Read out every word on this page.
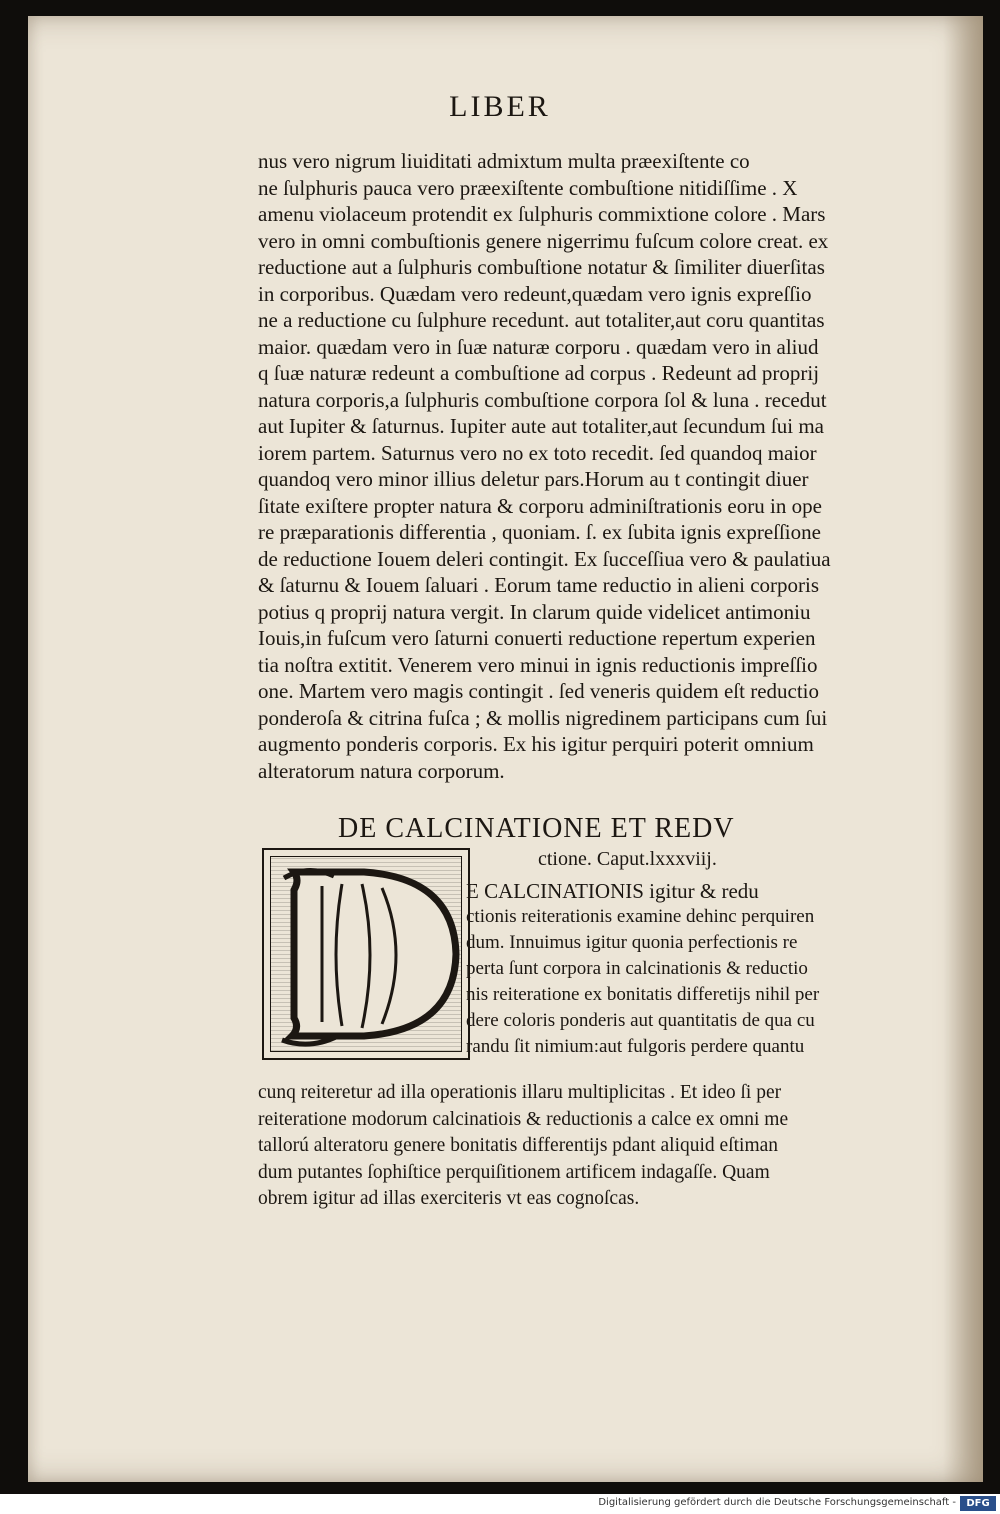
LIBER
nus vero nigrum liuiditati admixtum multa præexiſtente co
ne ſulphuris pauca vero præexiſtente combuſtione nitidiſſime . X
amenu violaceum protendit ex ſulphuris commixtione colore . Mars
vero in omni combuſtionis genere nigerrimu fuſcum colore creat. ex
reductione aut a ſulphuris combuſtione notatur & ſimiliter diuerſitas
in corporibus. Quædam vero redeunt,quædam vero ignis expreſſio
ne a reductione cu ſulphure recedunt. aut totaliter,aut coru quantitas
maior. quædam vero in ſuæ naturæ corporu . quædam vero in aliud
q ſuæ naturæ redeunt a combuſtione ad corpus . Redeunt ad proprij
natura corporis,a ſulphuris combuſtione corpora ſol & luna . recedut
aut Iupiter & ſaturnus. Iupiter aute aut totaliter,aut ſecundum ſui ma
iorem partem. Saturnus vero no ex toto recedit. ſed quandoq maior
quandoq vero minor illius deletur pars.Horum au t contingit diuer
ſitate exiſtere propter natura & corporu adminiſtrationis eoru in ope
re præparationis differentia , quoniam. ſ. ex ſubita ignis expreſſione
de reductione Iouem deleri contingit. Ex ſucceſſiua vero & paulatiua
& ſaturnu & Iouem ſaluari . Eorum tame reductio in alieni corporis
potius q proprij natura vergit. In clarum quide videlicet antimoniu
Iouis,in fuſcum vero ſaturni conuerti reductione repertum experien
tia noſtra extitit. Venerem vero minui in ignis reductionis impreſſio
one. Martem vero magis contingit . ſed veneris quidem eſt reductio
ponderoſa & citrina fuſca ; & mollis nigredinem participans cum ſui
augmento ponderis corporis. Ex his igitur perquiri poterit omnium
alteratorum natura corporum.
DE CALCINATIONE ET REDV
ctione. Caput.lxxxviij.
E CALCINATIONIS igitur & redu
ctionis reiterationis examine dehinc perquiren
dum. Innuimus igitur quonia perfectionis re
perta ſunt corpora in calcinationis & reductio
nis reiteratione ex bonitatis differetijs nihil per
dere coloris ponderis aut quantitatis de qua cu
randu ſit nimium:aut fulgoris perdere quantu
cunq reiteretur ad illa operationis illaru multiplicitas . Et ideo ſi per
reiteratione modorum calcinatiois & reductionis a calce ex omni me
tallorú alteratoru genere bonitatis differentijs pdant aliquid eſtiman
dum putantes ſophiſtice perquiſitionem artificem indagaſſe. Quam
obrem igitur ad illas exerciteris vt eas cognoſcas.
Digitalisierung gefördert durch die Deutsche Forschungsgemeinschaft -	DFG
